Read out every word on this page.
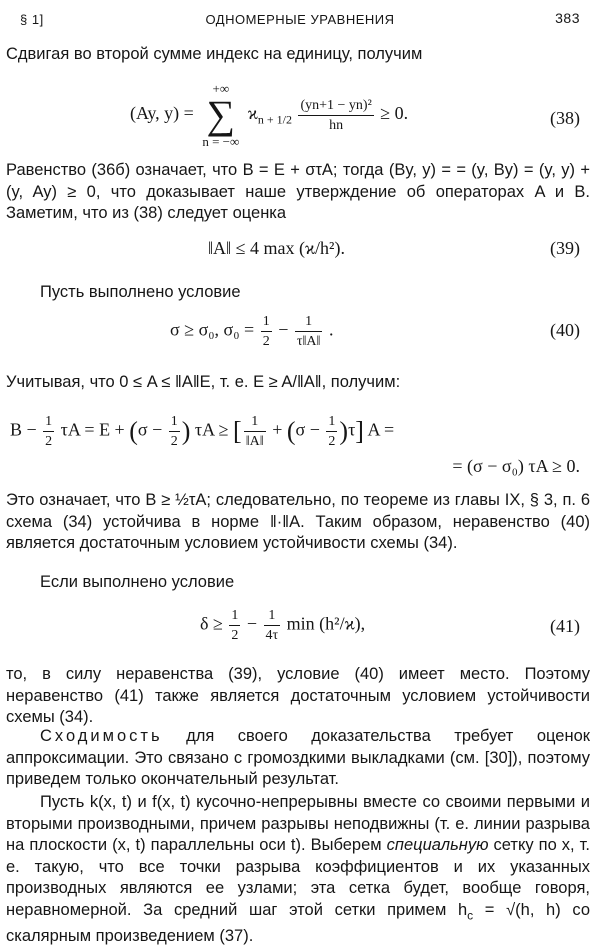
§ 1]	ОДНОМЕРНЫЕ УРАВНЕНИЯ	383
Сдвигая во второй сумме индекс на единицу, получим
(Ay, y) =
+∞
∑
n = −∞
$ϰ_{n + 1/2} \frac{\text{(yn+1 − yn)²}}{hn} \ge 0$.	(38)
Равенство (36б) означает, что B = E + στA; тогда (By, y) = = (y, By) = (y, y) + (y, Ay) ≥ 0, что доказывает наше утверждение об операторах A и B. Заметим, что из (38) следует оценка
‖A‖ ≤ 4 max (ϰ/h²).	(39)
Пусть выполнено условие
σ ≥ σ₀, $\sigma_0 = \frac{1}{2} - \frac{1}{\tau‖A‖}$ .	(40)
Учитывая, что 0 ≤ A ≤ ‖A‖E, т. е. E ≥ A/‖A‖, получим:
$B - \frac{1}{2}$ $\tau A = E + (\sigma - \frac{1}{2}$ ) τA ≥ [ $\frac{1}{‖A‖} + (\sigma - \frac{1}{2} )\tau$] A =
= (σ − σ₀) τA ≥ 0.
Это означает, что B ≥ ½τA; следовательно, по теореме из главы IX, § 3, п. 6 схема (34) устойчива в норме ‖·‖A. Таким образом, неравенство (40) является достаточным условием устойчивости схемы (34).
Если выполнено условие
$\delta \ge \frac{1}{2} - \frac{1}{4\tau}$ min (h²/ϰ),	(41)
то, в силу неравенства (39), условие (40) имеет место. Поэтому неравенство (41) также является достаточным условием устойчивости схемы (34).
Сходимость для своего доказательства требует оценок аппроксимации. Это связано с громоздкими выкладками (см. [30]), поэтому приведем только окончательный результат.
Пусть k(x, t) и f(x, t) кусочно-непрерывны вместе со своими первыми и вторыми производными, причем разрывы неподвижны (т. е. линии разрыва на плоскости (x, t) параллельны оси t). Выберем специальную сетку по x, т. е. такую, что все точки разрыва коэффициентов и их указанных производных являются ее узлами; эта сетка будет, вообще говоря, неравномерной. За средний шаг этой сетки примем $h_c = √(h$, h) со скалярным произведением (37).
